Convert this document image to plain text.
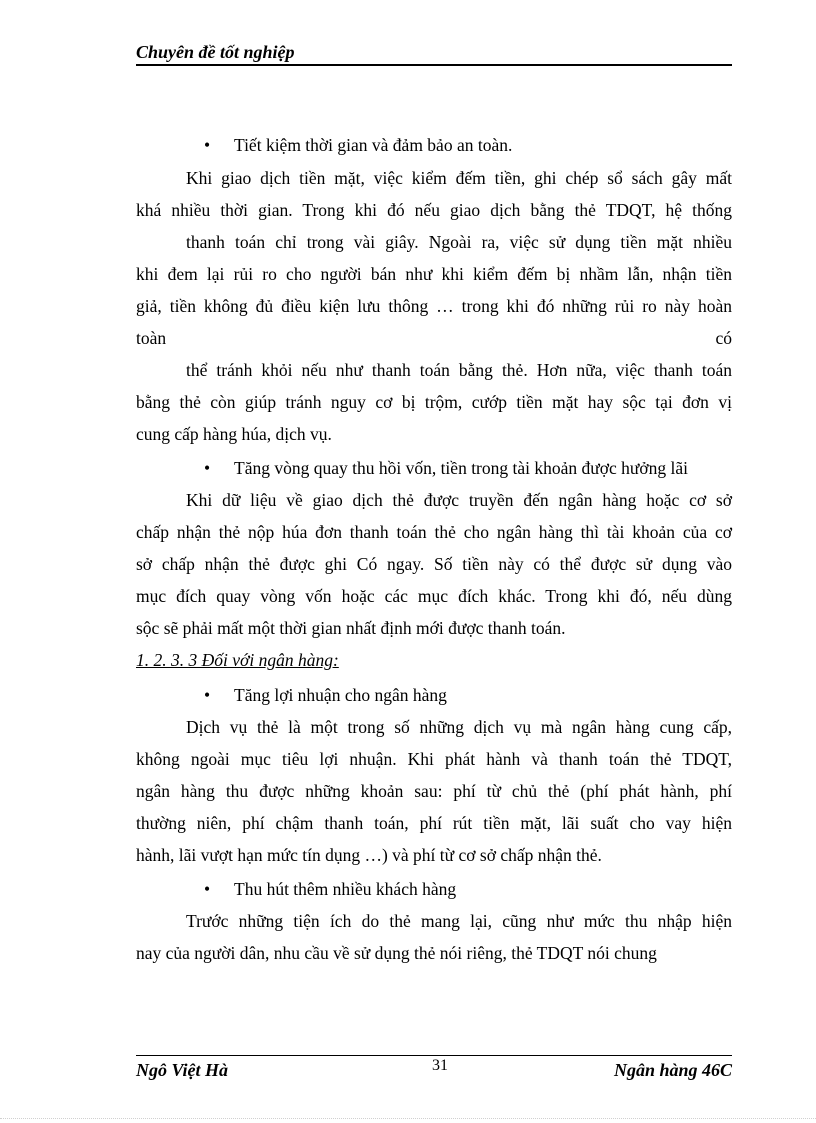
Chuyên đề tốt nghiệp
• Tiết kiệm thời gian và đảm bảo an toàn.
Khi giao dịch tiền mặt, việc kiểm đếm tiền, ghi chép sổ sách gây mất
khá nhiều thời gian. Trong khi đó nếu giao dịch bằng thẻ TDQT, hệ thống
thanh toán chỉ trong vài giây. Ngoài ra, việc sử dụng tiền mặt nhiều
khi đem lại rủi ro cho người bán như khi kiểm đếm bị nhầm lẫn, nhận tiền
giả, tiền không đủ điều kiện lưu thông … trong khi đó những rủi ro này hoàn
toàn	có
thể tránh khỏi nếu như thanh toán bằng thẻ. Hơn nữa, việc thanh toán
bằng thẻ còn giúp tránh nguy cơ bị trộm, cướp tiền mặt hay sộc tại đơn vị
cung cấp hàng húa, dịch vụ.
• Tăng vòng quay thu hồi vốn, tiền trong tài khoản được hưởng lãi
Khi dữ liệu về giao dịch thẻ được truyền đến ngân hàng hoặc cơ sở
chấp nhận thẻ nộp húa đơn thanh toán thẻ cho ngân hàng thì tài khoản của cơ
sở chấp nhận thẻ được ghi Có ngay. Số tiền này có thể được sử dụng vào
mục đích quay vòng vốn hoặc các mục đích khác. Trong khi đó, nếu dùng
sộc sẽ phải mất một thời gian nhất định mới được thanh toán.
1. 2. 3. 3 Đối với ngân hàng:
• Tăng lợi nhuận cho ngân hàng
Dịch vụ thẻ là một trong số những dịch vụ mà ngân hàng cung cấp,
không ngoài mục tiêu lợi nhuận. Khi phát hành và thanh toán thẻ TDQT,
ngân hàng thu được những khoản sau: phí từ chủ thẻ (phí phát hành, phí
thường niên, phí chậm thanh toán, phí rút tiền mặt, lãi suất cho vay hiện
hành, lãi vượt hạn mức tín dụng …) và phí từ cơ sở chấp nhận thẻ.
• Thu hút thêm nhiều khách hàng
Trước những tiện ích do thẻ mang lại, cũng như mức thu nhập hiện
nay của người dân, nhu cầu về sử dụng thẻ nói riêng, thẻ TDQT nói chung
Ngô Việt Hà	31	Ngân hàng 46C
